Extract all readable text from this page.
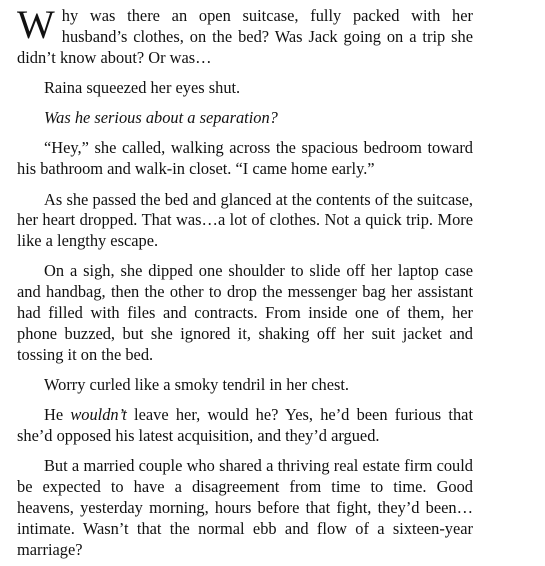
Why was there an open suitcase, fully packed with her husband’s clothes, on the bed? Was Jack going on a trip she didn’t know about? Or was…

Raina squeezed her eyes shut.

Was he serious about a separation?

“Hey,” she called, walking across the spacious bedroom toward his bathroom and walk-in closet. “I came home early.”

As she passed the bed and glanced at the contents of the suitcase, her heart dropped. That was…a lot of clothes. Not a quick trip. More like a lengthy escape.

On a sigh, she dipped one shoulder to slide off her laptop case and handbag, then the other to drop the messenger bag her assistant had filled with files and contracts. From inside one of them, her phone buzzed, but she ignored it, shaking off her suit jacket and tossing it on the bed.

Worry curled like a smoky tendril in her chest.

He wouldn’t leave her, would he? Yes, he’d been furious that she’d opposed his latest acquisition, and they’d argued.

But a married couple who shared a thriving real estate firm could be expected to have a disagreement from time to time. Good heavens, yesterday morning, hours before that fight, they’d been…intimate. Wasn’t that the normal ebb and flow of a sixteen-year marriage?
